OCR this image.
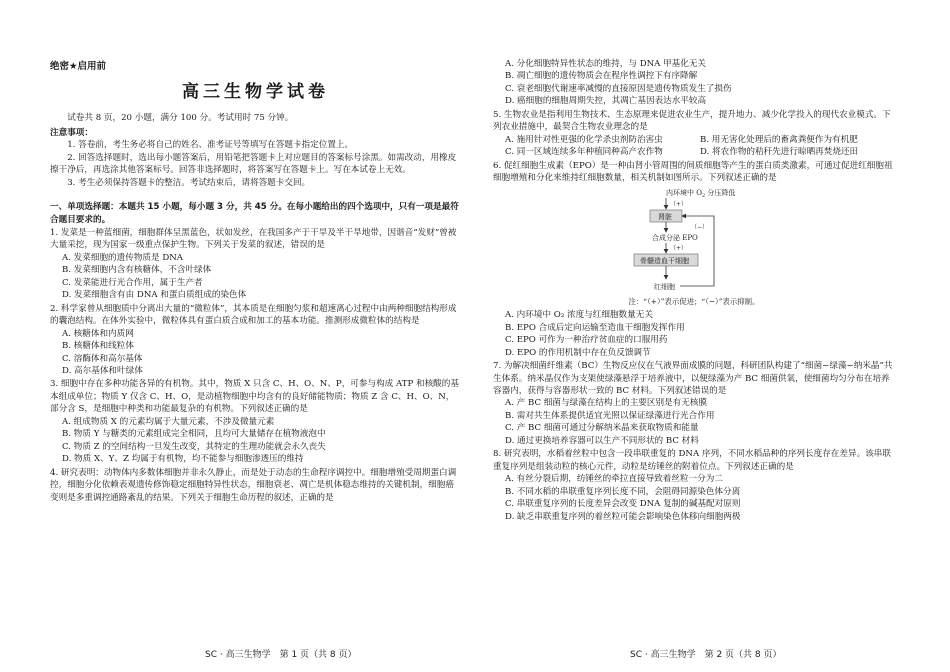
绝密★启用前
高三生物学试卷
试卷共 8 页，20 小题，满分 100 分。考试用时 75 分钟。
注意事项：
1. 答卷前，考生务必将自己的姓名、准考证号等填写在答题卡指定位置上。
2. 回答选择题时，选出每小题答案后，用铅笔把答题卡上对应题目的答案标号涂黑。如需改动，用橡皮擦干净后，再选涂其他答案标号。回答非选择题时，将答案写在答题卡上。写在本试卷上无效。
3. 考生必须保持答题卡的整洁。考试结束后，请将答题卡交回。
一、单项选择题：本题共 15 小题，每小题 3 分，共 45 分。在每小题给出的四个选项中，只有一项是最符合题目要求的。
1. 发菜是一种蓝细菌，细胞群体呈黑蓝色，状如发丝，在我国多产于干旱及半干旱地带，因谐音“发财”曾被大量采挖，现为国家一级重点保护生物。下列关于发菜的叙述，错误的是
A. 发菜细胞的遗传物质是 DNA
B. 发菜细胞内含有核糖体，不含叶绿体
C. 发菜能进行光合作用，属于生产者
D. 发菜细胞含有由 DNA 和蛋白质组成的染色体
2. 科学家曾从细胞质中分离出大量的“微粒体”，其本质是在细胞匀浆和超速离心过程中由两种细胞结构形成的囊泡结构。在体外实验中，微粒体具有蛋白质合成和加工的基本功能。推测形成微粒体的结构是
A. 核糖体和内质网
B. 核糖体和线粒体
C. 溶酶体和高尔基体
D. 高尔基体和叶绿体
3. 细胞中存在多种功能各异的有机物。其中，物质 X 只含 C、H、O、N、P，可参与构成 ATP 和核酸的基本组成单位；物质 Y 仅含 C、H、O，是动植物细胞中均含有的良好储能物质；物质 Z 含 C、H、O、N，部分含 S，是细胞中种类和功能最复杂的有机物。下列叙述正确的是
A. 组成物质 X 的元素均属于大量元素，不涉及微量元素
B. 物质 Y 与糖类的元素组成完全相同，且均可大量储存在植物液泡中
C. 物质 Z 的空间结构一旦发生改变，其特定的生理功能就会永久丧失
D. 物质 X、Y、Z 均属于有机物，均不能参与细胞渗透压的维持
4. 研究表明：动物体内多数体细胞并非永久静止，而是处于动态的生命程序调控中。细胞增殖受周期蛋白调控，细胞分化依赖表观遗传修饰稳定细胞特异性状态，细胞衰老、凋亡是机体稳态维持的关键机制，细胞癌变则是多重调控通路紊乱的结果。下列关于细胞生命历程的叙述，正确的是
SC · 高三生物学　第 1 页（共 8 页）
A. 分化细胞特异性状态的维持，与 DNA 甲基化无关
B. 凋亡细胞的遗传物质会在程序性调控下有序降解
C. 衰老细胞代谢速率减慢的直接原因是遗传物质发生了损伤
D. 癌细胞的细胞周期失控，其凋亡基因表达水平较高
5. 生物农业是指利用生物技术、生态原理来促进农业生产，提升地力、减少化学投入的现代农业模式。下列农业措施中，最契合生物农业理念的是
A. 施用针对性更强的化学杀虫剂防治害虫	B. 用无害化处理后的畜禽粪便作为有机肥
C. 同一区域连续多年种植同种高产农作物	D. 将农作物的秸秆先进行晾晒再焚烧还田
6. 促红细胞生成素（EPO）是一种由肾小管周围的间质细胞等产生的蛋白质类激素，可通过促进红细胞祖细胞增殖和分化来维持红细胞数量，相关机制如图所示。下列叙述正确的是
内环境中 $O_2$ 分压降低
（+）
肾脏
合成分泌 EPO
（+）
骨髓造血干细胞
红细胞
（−）
注：“（+）”表示促进；“（−）”表示抑制。
A. 内环境中 O₂ 浓度与红细胞数量无关
B. EPO 合成后定向运输至造血干细胞发挥作用
C. EPO 可作为一种治疗贫血症的口服用药
D. EPO 的作用机制中存在负反馈调节
7. 为解决细菌纤维素（BC）生物反应仪在气液界面成膜的问题，科研团队构建了“细菌−绿藻−纳米晶”共生体系。纳米晶仅作为支架使绿藻悬浮于培养液中，以便绿藻为产 BC 细菌供氧，使细菌均匀分布在培养容器内，获得与容器形状一致的 BC 材料。下列叙述错误的是
A. 产 BC 细菌与绿藻在结构上的主要区别是有无核膜
B. 需对共生体系提供适宜光照以保证绿藻进行光合作用
C. 产 BC 细菌可通过分解纳米晶来获取物质和能量
D. 通过更换培养容器可以生产不同形状的 BC 材料
8. 研究表明，水稻着丝粒中包含一段串联重复的 DNA 序列，不同水稻品种的序列长度存在差异。该串联重复序列是组装动粒的核心元件，动粒是纺锤丝的附着位点。下列叙述正确的是
A. 有丝分裂后期，纺锤丝的牵拉直接导致着丝粒一分为二
B. 不同水稻的串联重复序列长度不同，会阻碍同源染色体分离
C. 串联重复序列的长度差异会改变 DNA 复制的碱基配对原则
D. 缺乏串联重复序列的着丝粒可能会影响染色体移向细胞两极
SC · 高三生物学　第 2 页（共 8 页）
